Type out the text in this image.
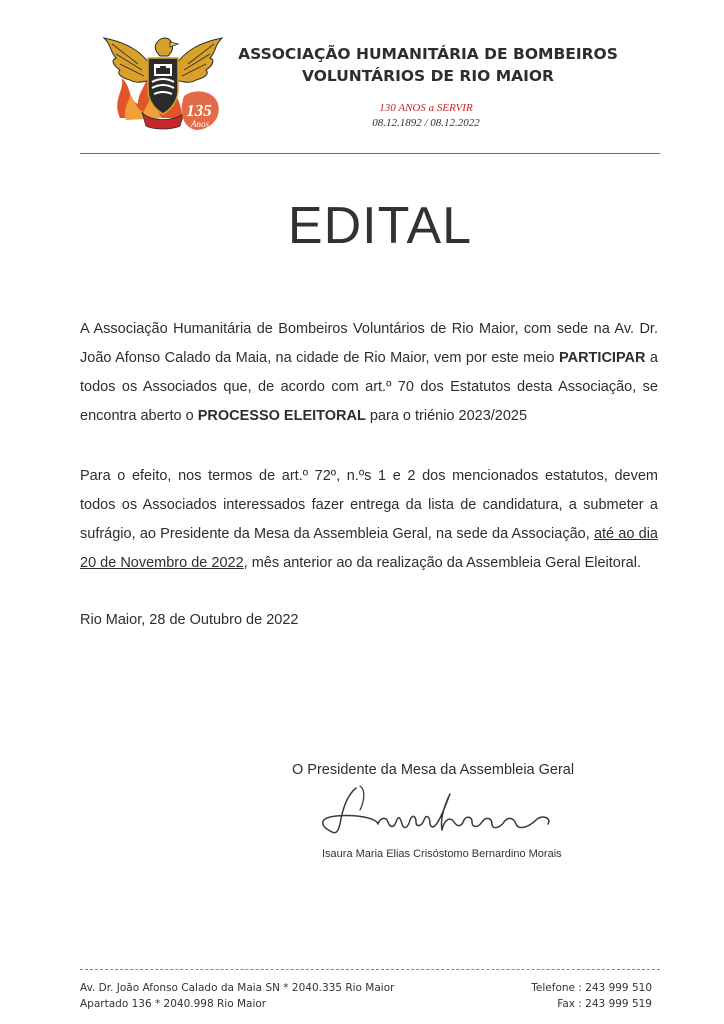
135
Anos
ASSOCIAÇÃO HUMANITÁRIA DE BOMBEIROS
VOLUNTÁRIOS DE RIO MAIOR
130 ANOS a SERVIR
08.12.1892 / 08.12.2022
EDITAL
A Associação Humanitária de Bombeiros Voluntários de Rio Maior, com sede na Av. Dr. João Afonso Calado da Maia, na cidade de Rio Maior, vem por este meio PARTICIPAR a todos os Associados que, de acordo com art.º 70 dos Estatutos desta Associação, se encontra aberto o PROCESSO ELEITORAL para o triénio 2023/2025
Para o efeito, nos termos de art.º 72º, n.ºs 1 e 2 dos mencionados estatutos, devem todos os Associados interessados fazer entrega da lista de candidatura, a submeter a sufrágio, ao Presidente da Mesa da Assembleia Geral, na sede da Associação, até ao dia 20 de Novembro de 2022, mês anterior ao da realização da Assembleia Geral Eleitoral.
Rio Maior, 28 de Outubro de 2022
O Presidente da Mesa da Assembleia Geral
Isaura Maria Elias Crisóstomo Bernardino Morais
Av. Dr. João Afonso Calado da Maia SN * 2040.335 Rio Maior
Apartado 136 * 2040.998 Rio Maior
Telefone : 243 999 510
Fax : 243 999 519
